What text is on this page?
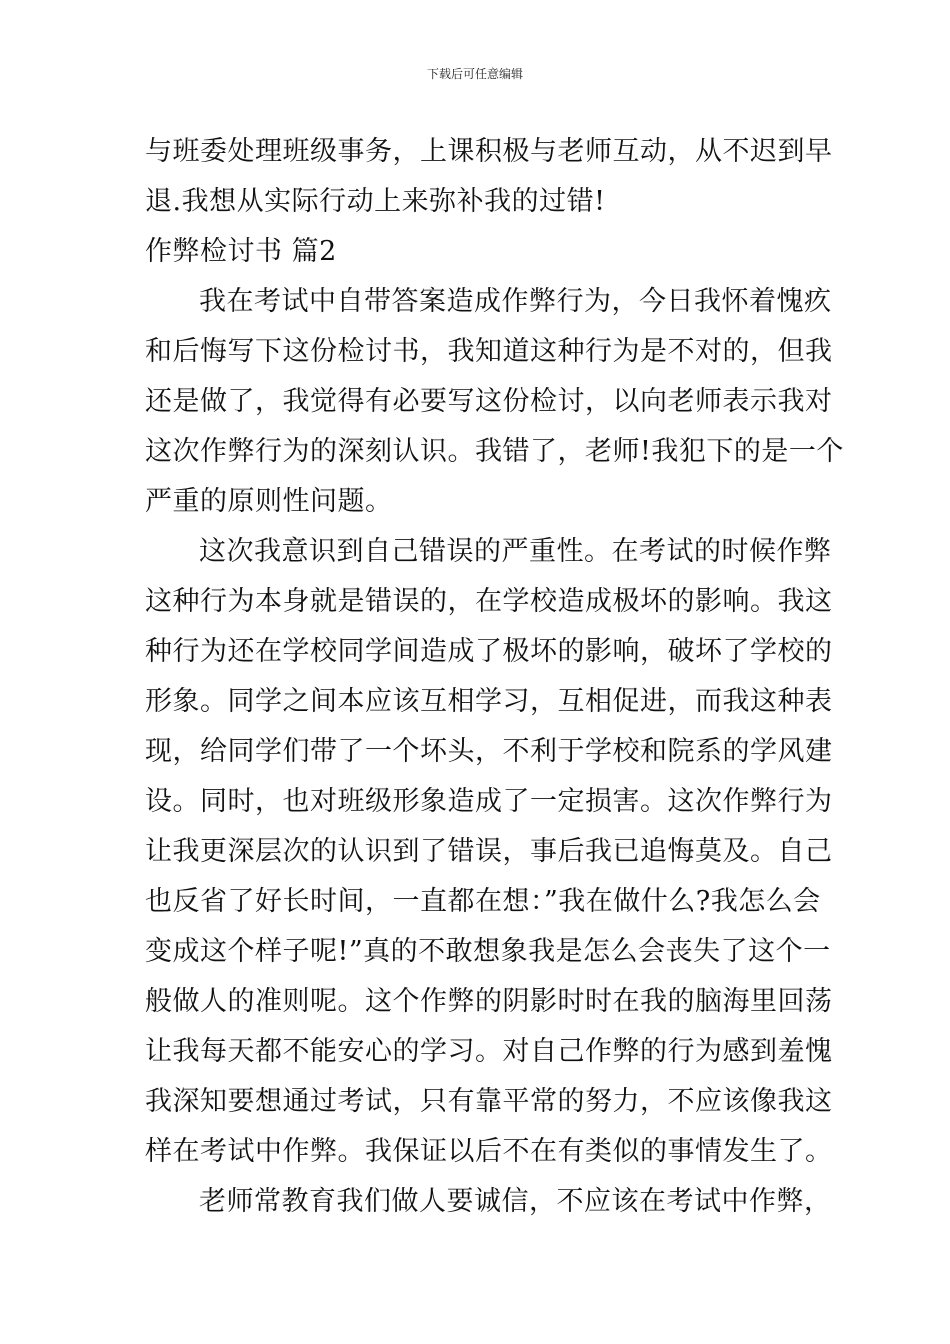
下载后可任意编辑
与班委处理班级事务，上课积极与老师互动，从不迟到早
退.我想从实际行动上来弥补我的过错!
作弊检讨书 篇2
我在考试中自带答案造成作弊行为，今日我怀着愧疚
和后悔写下这份检讨书，我知道这种行为是不对的，但我
还是做了，我觉得有必要写这份检讨，以向老师表示我对
这次作弊行为的深刻认识。我错了，老师!我犯下的是一个
严重的原则性问题。
这次我意识到自己错误的严重性。在考试的时候作弊
这种行为本身就是错误的，在学校造成极坏的影响。我这
种行为还在学校同学间造成了极坏的影响，破坏了学校的
形象。同学之间本应该互相学习，互相促进，而我这种表
现，给同学们带了一个坏头，不利于学校和院系的学风建
设。同时，也对班级形象造成了一定损害。这次作弊行为
让我更深层次的认识到了错误，事后我已追悔莫及。自己
也反省了好长时间，一直都在想：”我在做什么?我怎么会
变成这个样子呢!”真的不敢想象我是怎么会丧失了这个一
般做人的准则呢。这个作弊的阴影时时在我的脑海里回荡
让我每天都不能安心的学习。对自己作弊的行为感到羞愧
我深知要想通过考试，只有靠平常的努力，不应该像我这
样在考试中作弊。我保证以后不在有类似的事情发生了。
老师常教育我们做人要诚信，不应该在考试中作弊，
